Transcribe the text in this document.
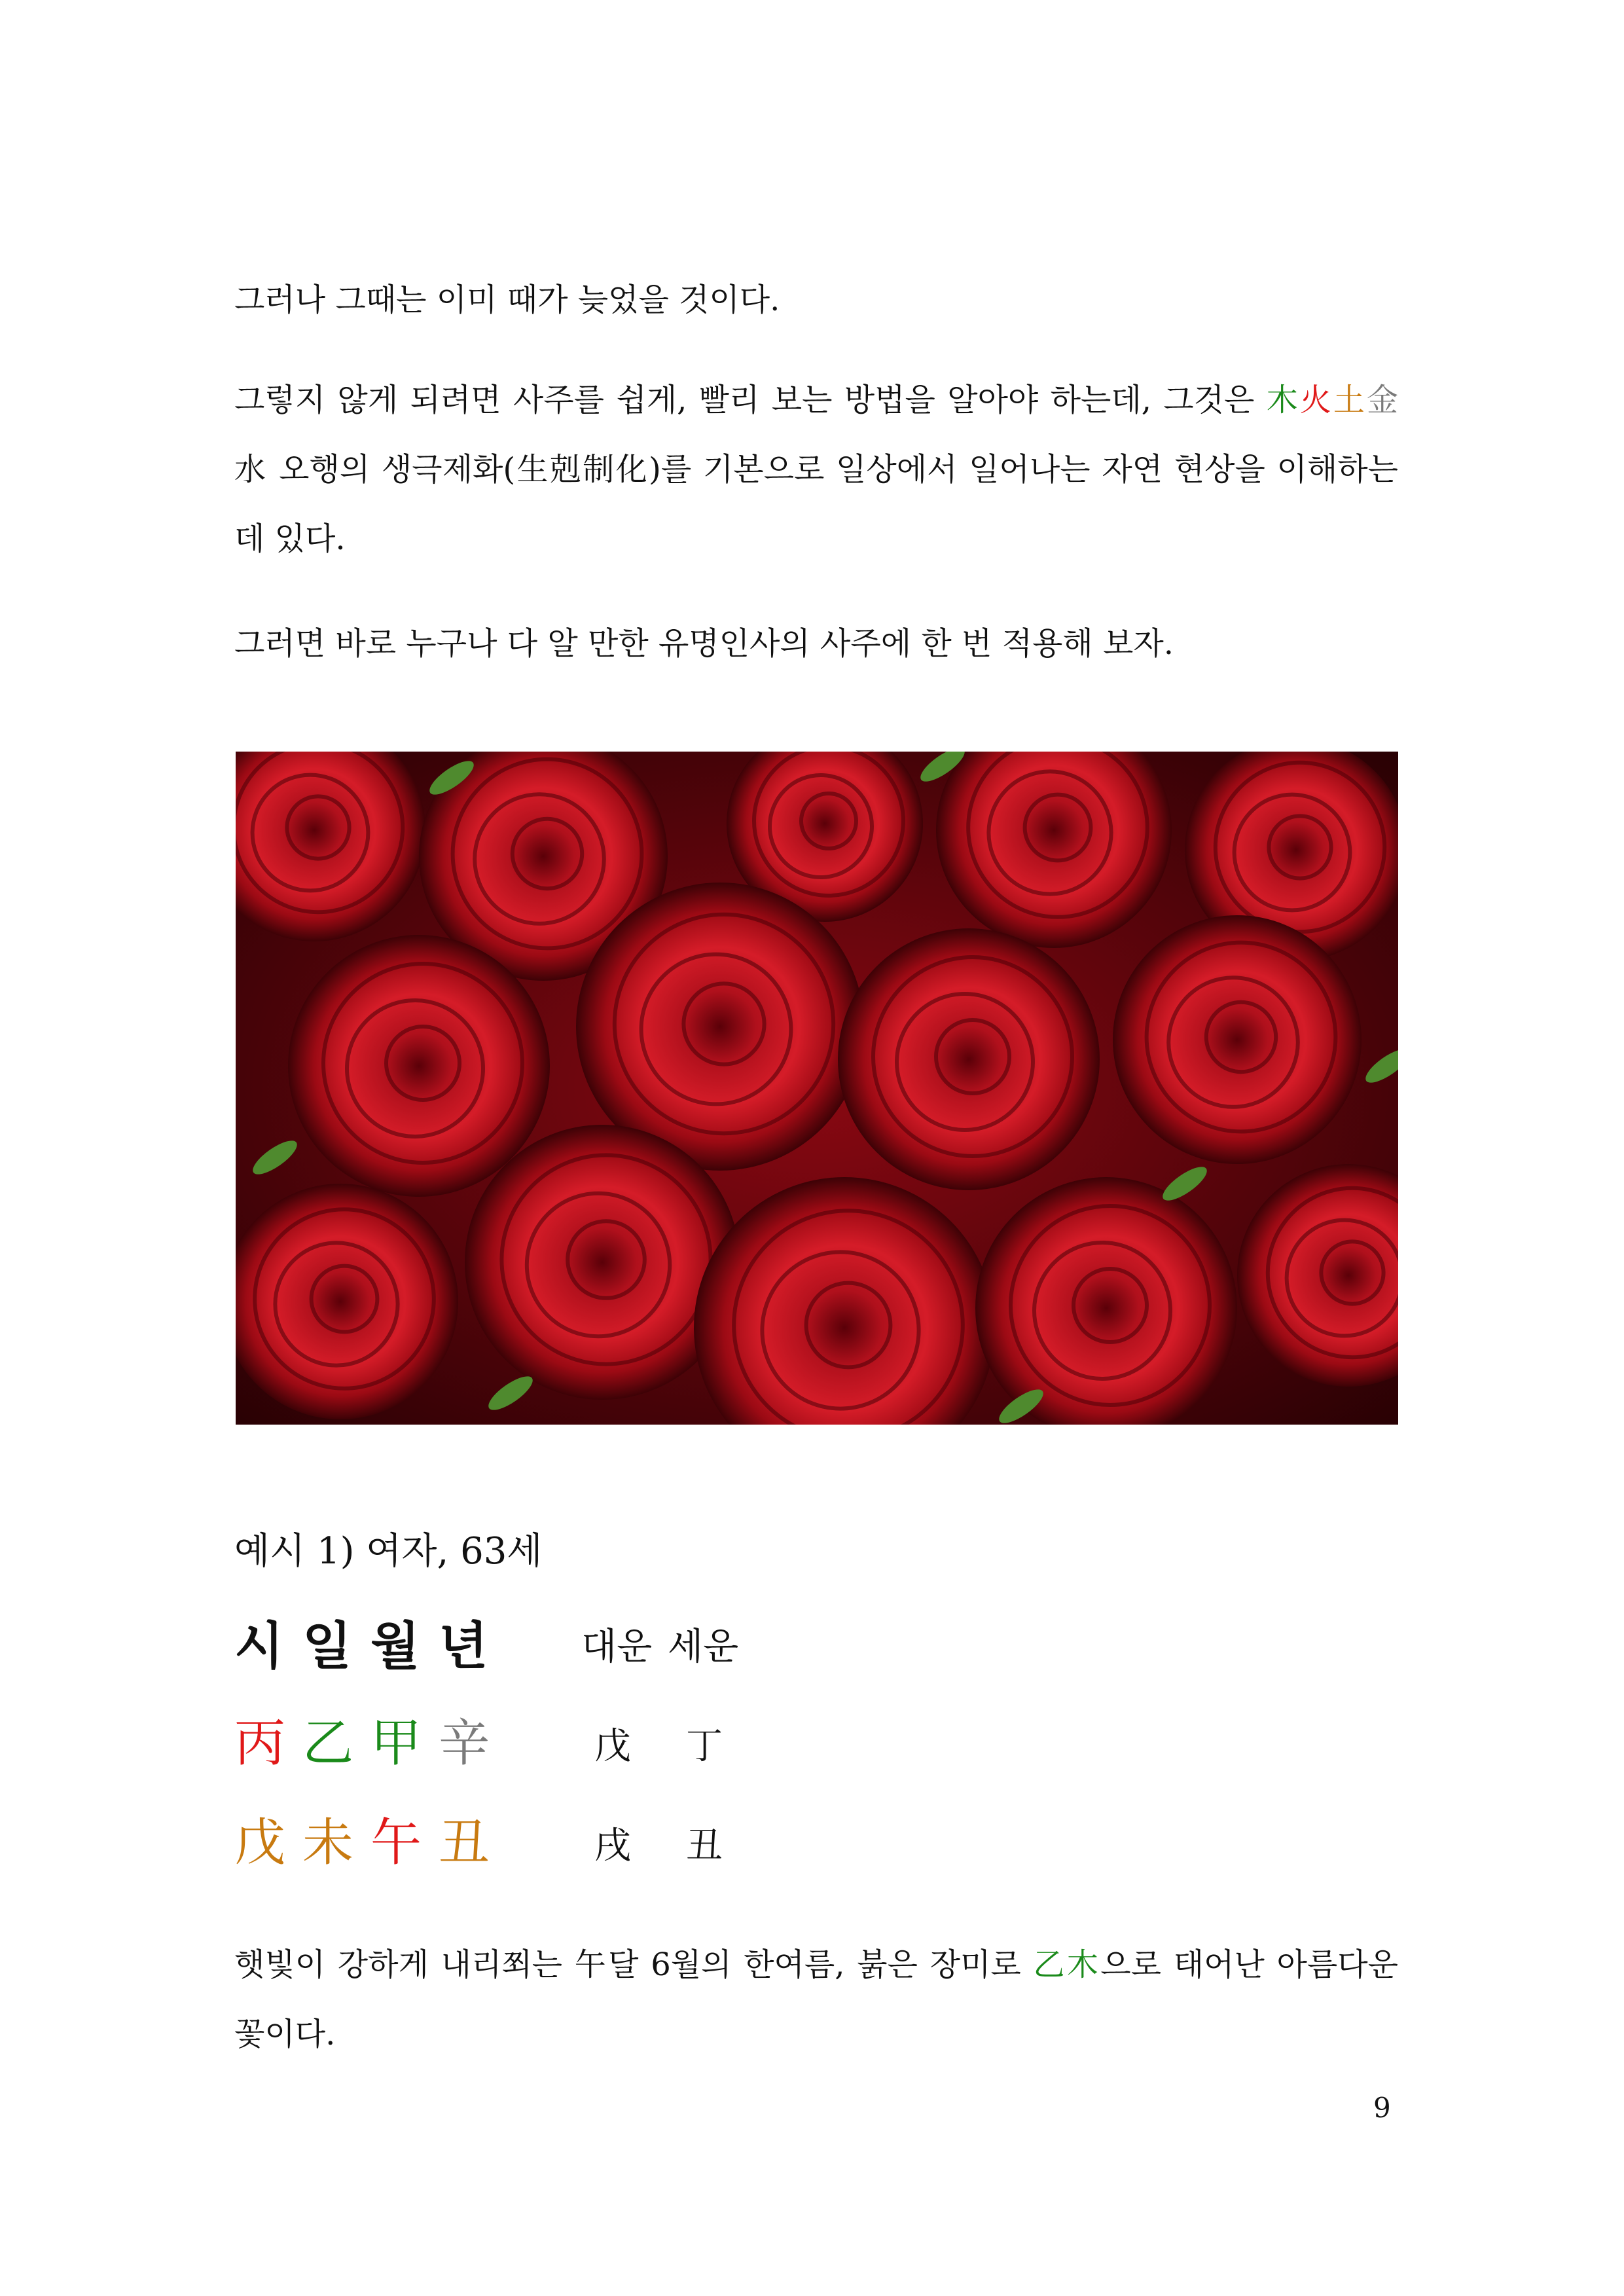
그러나 그때는 이미 때가 늦었을 것이다.

그렇지 않게 되려면 사주를 쉽게, 빨리 보는 방법을 알아야 하는데, 그것은 木火土金水 오행의 생극제화(生剋制化)를 기본으로 일상에서 일어나는 자연 현상을 이해하는 데 있다.

그러면 바로 누구나 다 알 만한 유명인사의 사주에 한 번 적용해 보자.

예시 1) 여자, 63세
시 일 월 년	대운 세운
丙 乙 甲 辛	戊 丁
戊 未 午 丑	戌 丑

햇빛이 강하게 내리쬐는 午달 6월의 한여름, 붉은 장미로 乙木으로 태어난 아름다운 꽃이다.

9
